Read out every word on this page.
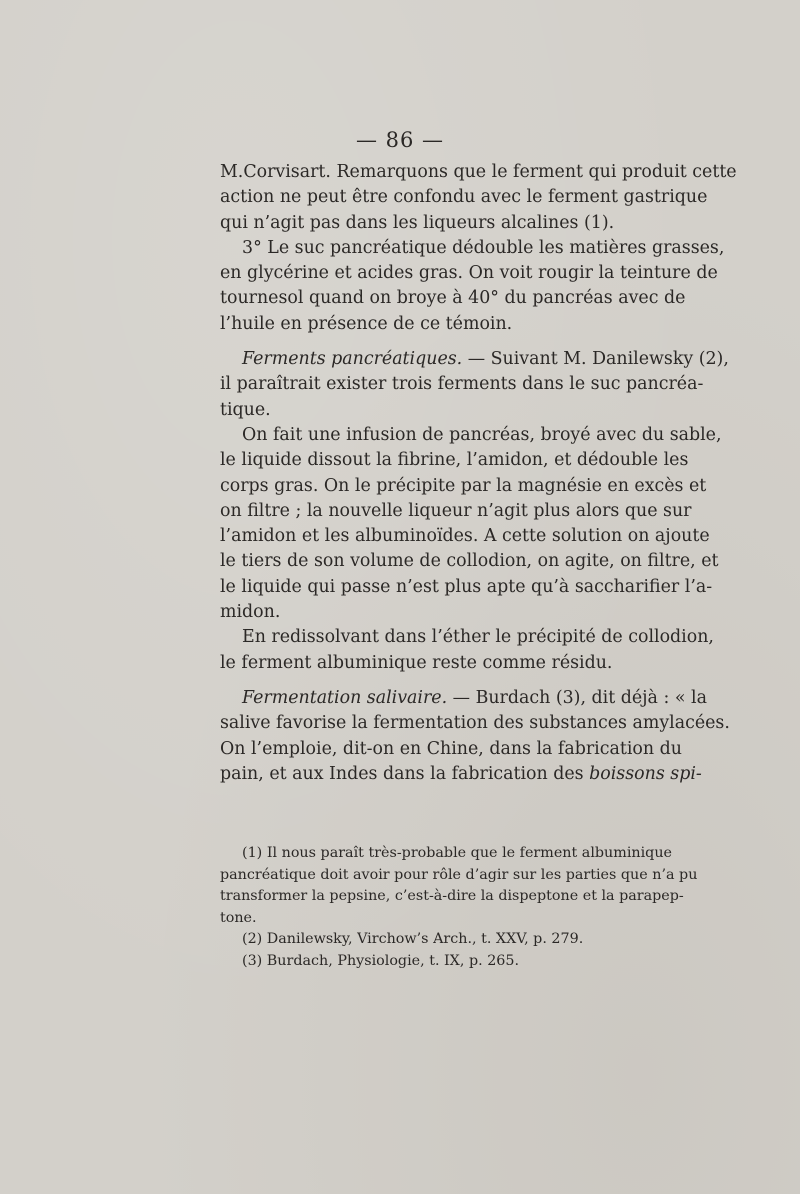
— 86 —
M.Corvisart. Remarquons que le ferment qui produit cette
action ne peut être confondu avec le ferment gastrique
qui n’agit pas dans les liqueurs alcalines (1).
3° Le suc pancréatique dédouble les matières grasses,
en glycérine et acides gras. On voit rougir la teinture de
tournesol quand on broye à 40° du pancréas avec de
l’huile en présence de ce témoin.
Ferments pancréatiques. — Suivant M. Danilewsky (2),
il paraîtrait exister trois ferments dans le suc pancréa-
tique.
On fait une infusion de pancréas, broyé avec du sable,
le liquide dissout la fibrine, l’amidon, et dédouble les
corps gras. On le précipite par la magnésie en excès et
on filtre ; la nouvelle liqueur n’agit plus alors que sur
l’amidon et les albuminoïdes. A cette solution on ajoute
le tiers de son volume de collodion, on agite, on filtre, et
le liquide qui passe n’est plus apte qu’à saccharifier l’a-
midon.
En redissolvant dans l’éther le précipité de collodion,
le ferment albuminique reste comme résidu.
Fermentation salivaire. — Burdach (3), dit déjà : « la
salive favorise la fermentation des substances amylacées.
On l’emploie, dit-on en Chine, dans la fabrication du
pain, et aux Indes dans la fabrication des boissons spi-
(1) Il nous paraît très-probable que le ferment albuminique
pancréatique doit avoir pour rôle d’agir sur les parties que n’a pu
transformer la pepsine, c’est-à-dire la dispeptone et la parapep-
tone.
(2) Danilewsky, Virchow’s Arch., t. XXV, p. 279.
(3) Burdach, Physiologie, t. IX, p. 265.
